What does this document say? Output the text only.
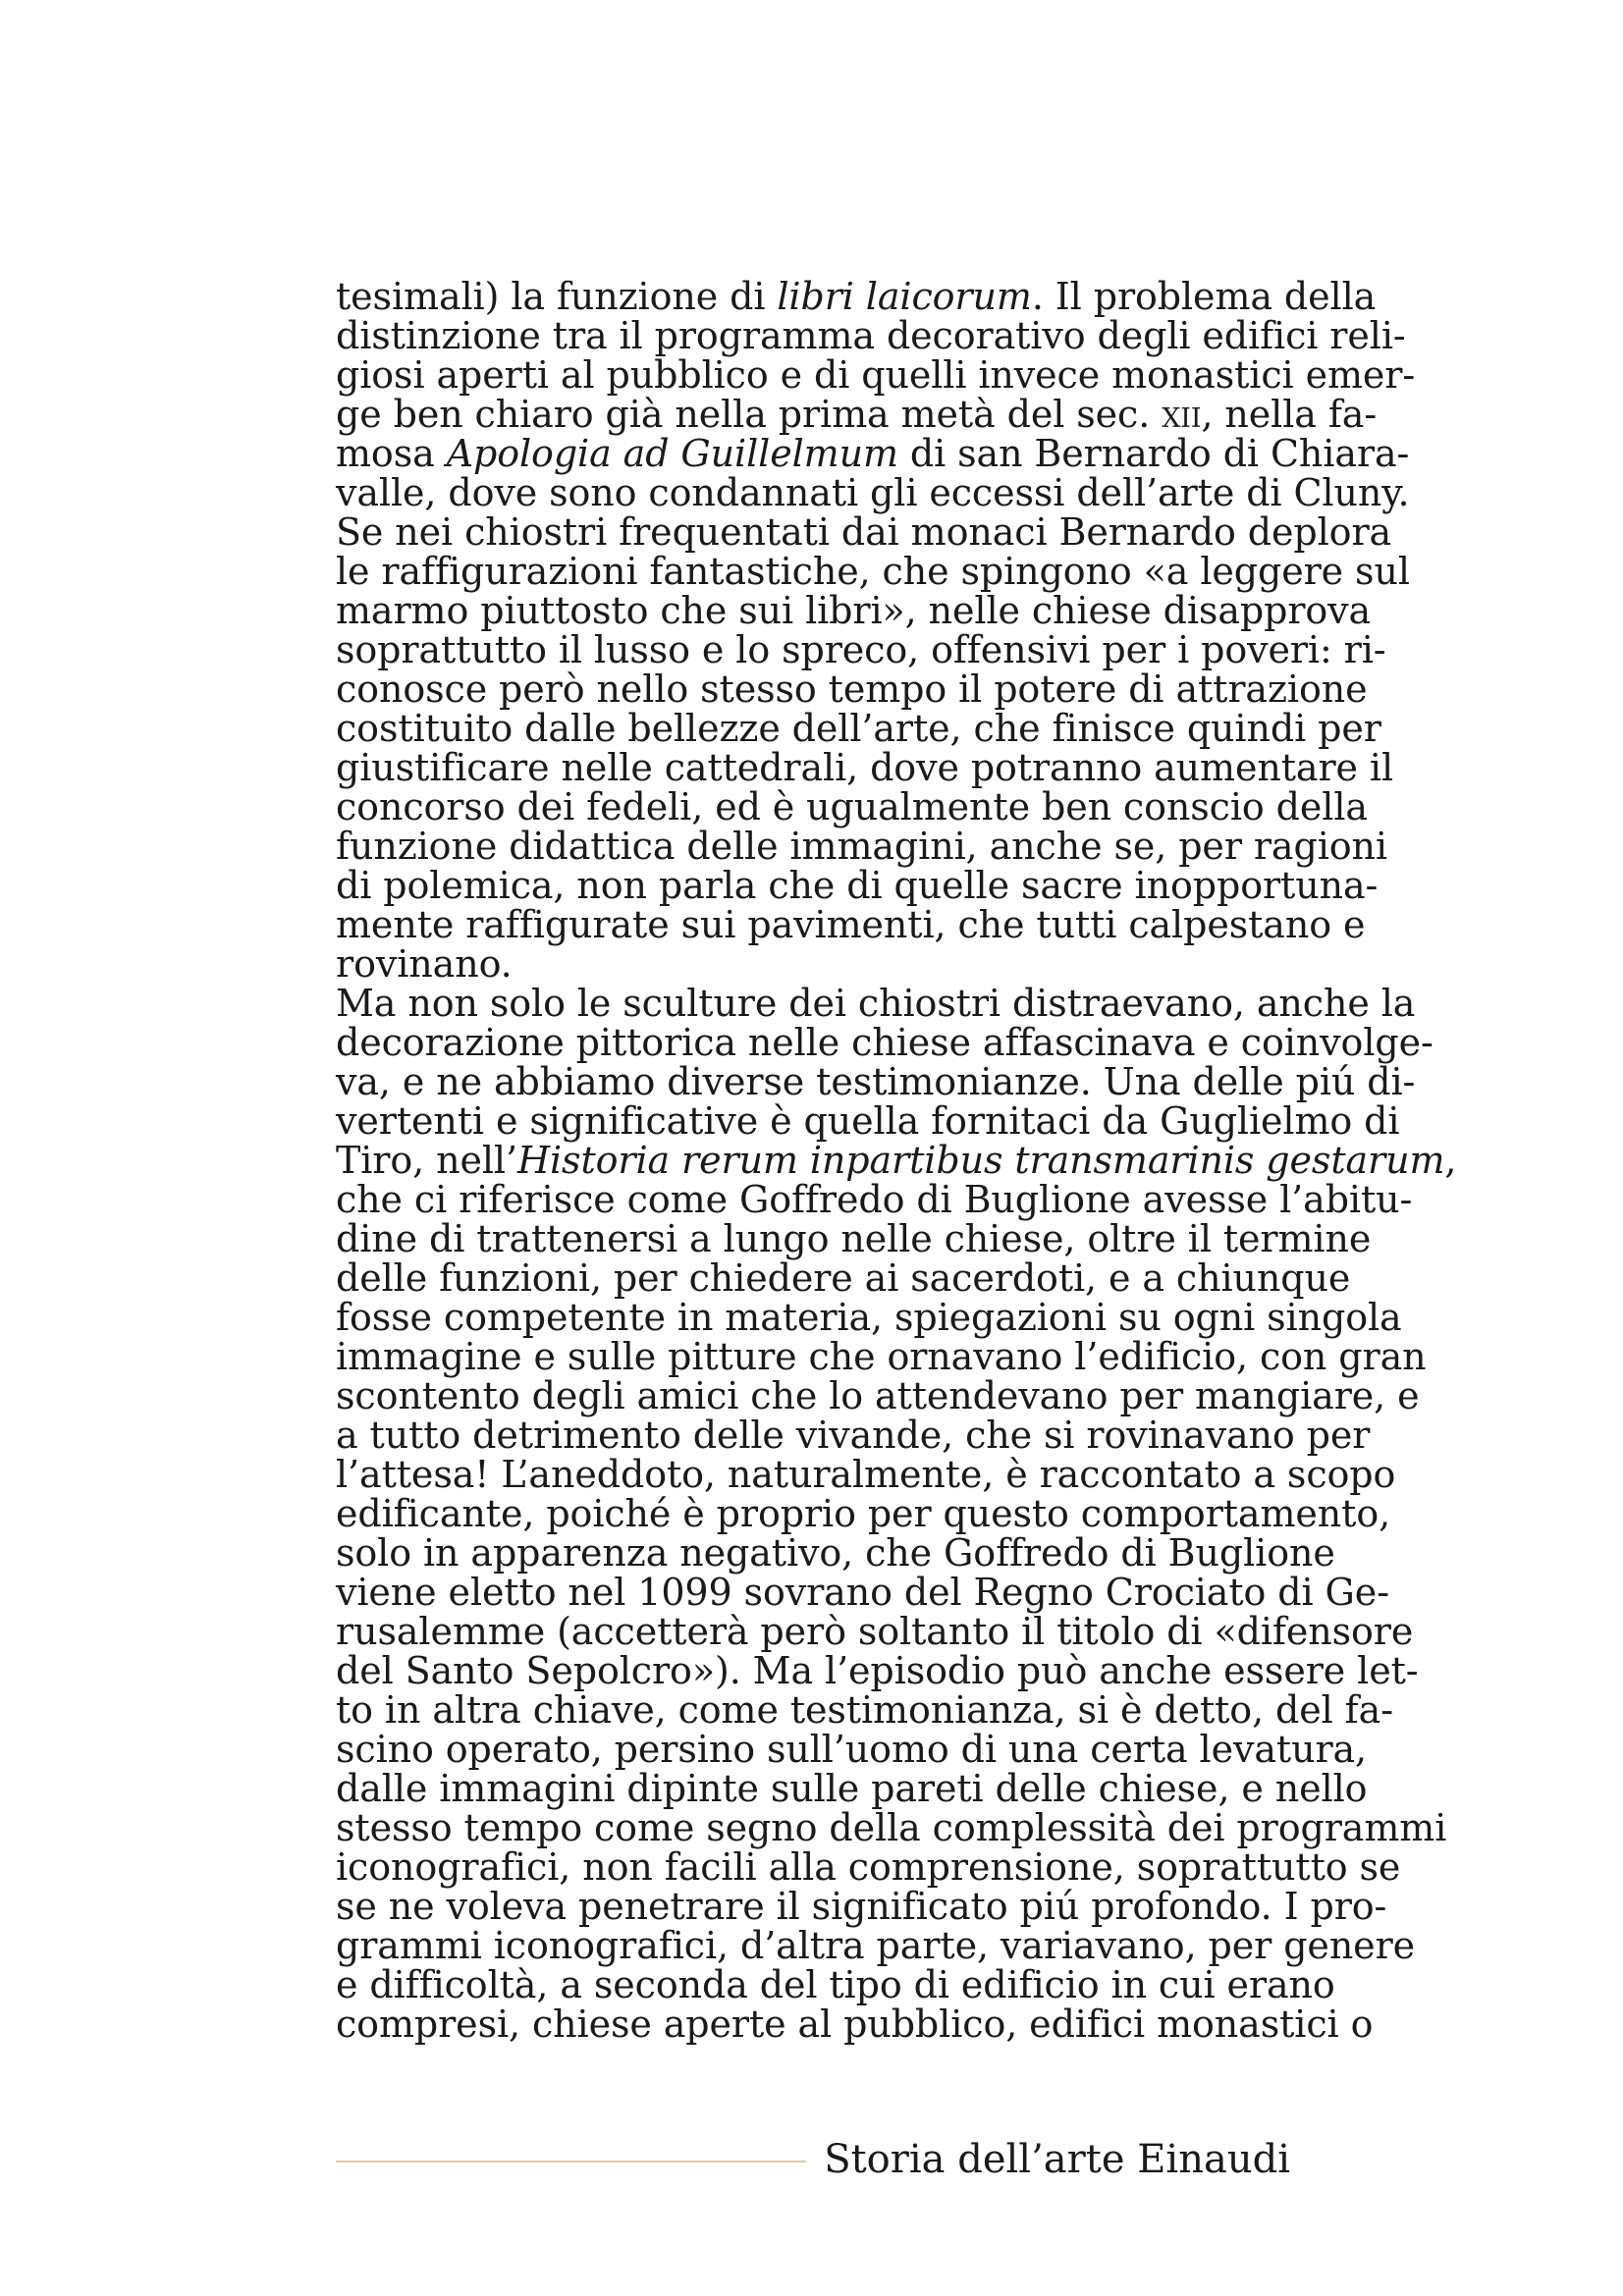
tesimali) la funzione di libri laicorum. Il problema della
distinzione tra il programma decorativo degli edifici reli-
giosi aperti al pubblico e di quelli invece monastici emer-
ge ben chiaro già nella prima metà del sec. xii, nella fa-
mosa Apologia ad Guillelmum di san Bernardo di Chiara-
valle, dove sono condannati gli eccessi dell’arte di Cluny.
Se nei chiostri frequentati dai monaci Bernardo deplora
le raffigurazioni fantastiche, che spingono «a leggere sul
marmo piuttosto che sui libri», nelle chiese disapprova
soprattutto il lusso e lo spreco, offensivi per i poveri: ri-
conosce però nello stesso tempo il potere di attrazione
costituito dalle bellezze dell’arte, che finisce quindi per
giustificare nelle cattedrali, dove potranno aumentare il
concorso dei fedeli, ed è ugualmente ben conscio della
funzione didattica delle immagini, anche se, per ragioni
di polemica, non parla che di quelle sacre inopportuna-
mente raffigurate sui pavimenti, che tutti calpestano e
rovinano.
Ma non solo le sculture dei chiostri distraevano, anche la
decorazione pittorica nelle chiese affascinava e coinvolge-
va, e ne abbiamo diverse testimonianze. Una delle piú di-
vertenti e significative è quella fornitaci da Guglielmo di
Tiro, nell’Historia rerum inpartibus transmarinis gestarum,
che ci riferisce come Goffredo di Buglione avesse l’abitu-
dine di trattenersi a lungo nelle chiese, oltre il termine
delle funzioni, per chiedere ai sacerdoti, e a chiunque
fosse competente in materia, spiegazioni su ogni singola
immagine e sulle pitture che ornavano l’edificio, con gran
scontento degli amici che lo attendevano per mangiare, e
a tutto detrimento delle vivande, che si rovinavano per
l’attesa! L’aneddoto, naturalmente, è raccontato a scopo
edificante, poiché è proprio per questo comportamento,
solo in apparenza negativo, che Goffredo di Buglione
viene eletto nel 1099 sovrano del Regno Crociato di Ge-
rusalemme (accetterà però soltanto il titolo di «difensore
del Santo Sepolcro»). Ma l’episodio può anche essere let-
to in altra chiave, come testimonianza, si è detto, del fa-
scino operato, persino sull’uomo di una certa levatura,
dalle immagini dipinte sulle pareti delle chiese, e nello
stesso tempo come segno della complessità dei programmi
iconografici, non facili alla comprensione, soprattutto se
se ne voleva penetrare il significato piú profondo. I pro-
grammi iconografici, d’altra parte, variavano, per genere
e difficoltà, a seconda del tipo di edificio in cui erano
compresi, chiese aperte al pubblico, edifici monastici o
Storia dell’arte Einaudi
